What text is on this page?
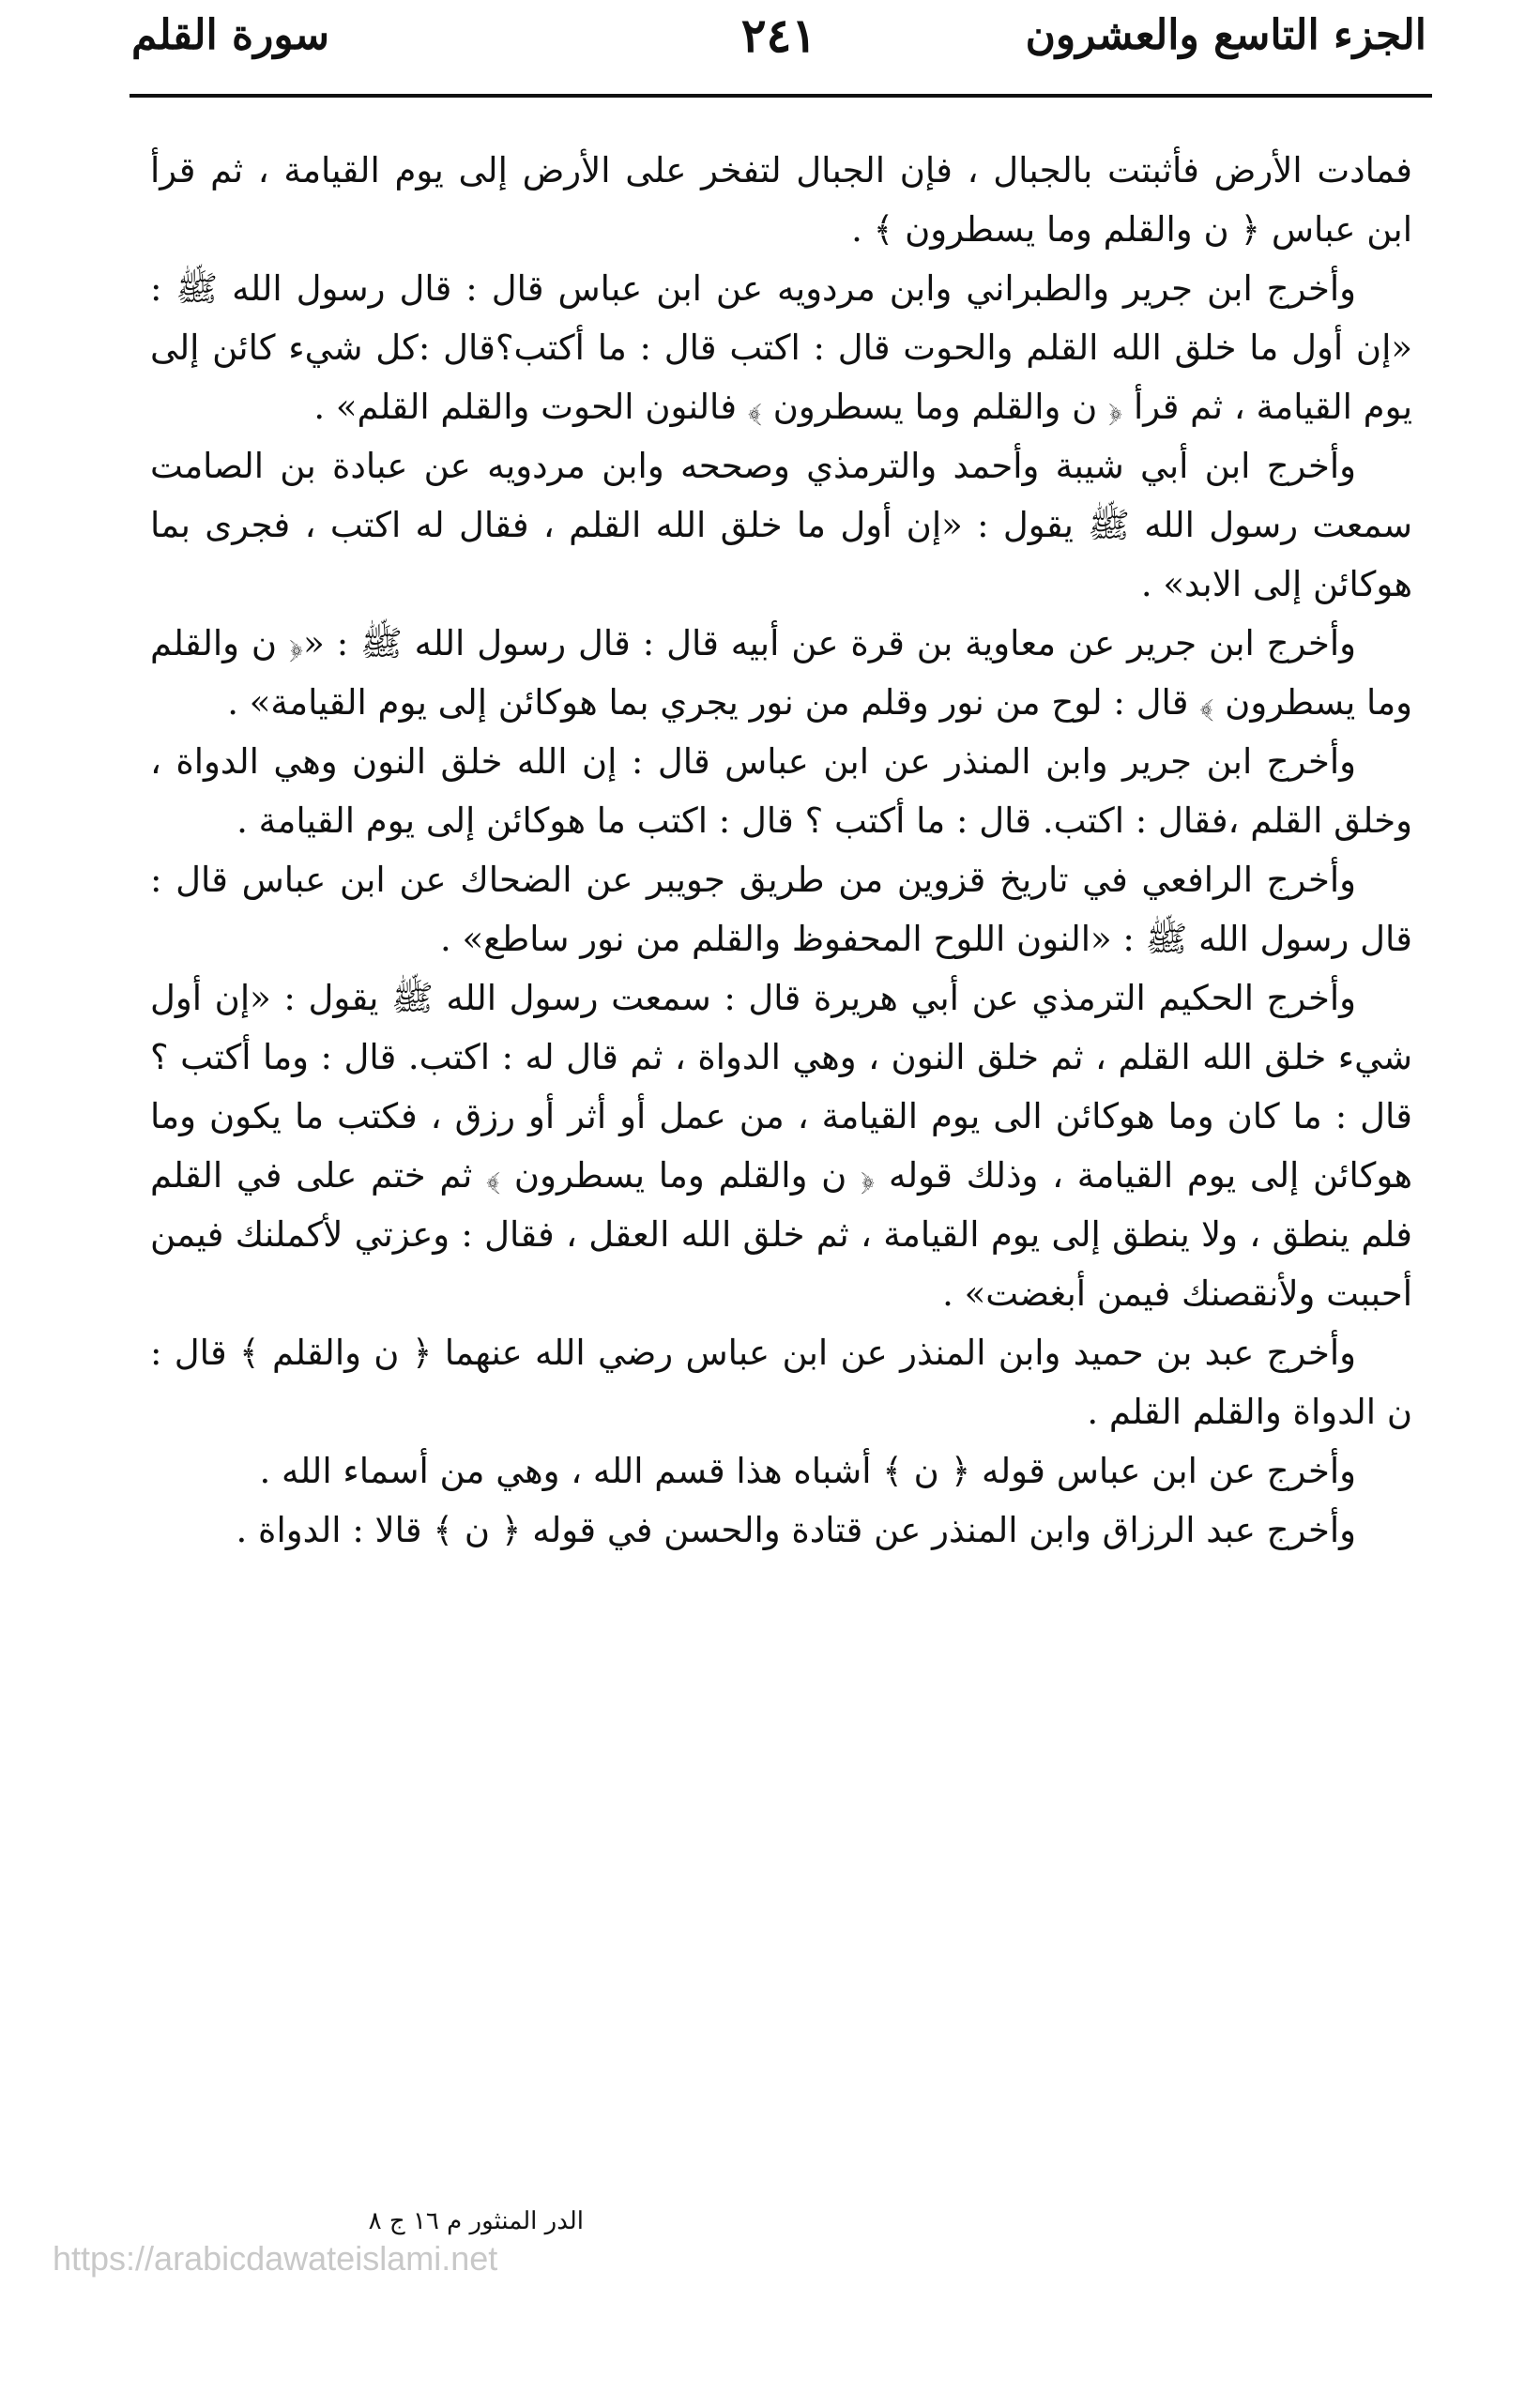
الجزء التاسع والعشرون
٢٤١
سورة القلم

فمادت الأرض فأثبتت بالجبال ، فإن الجبال لتفخر على الأرض إلى يوم القيامة ، ثم قرأ ابن عباس ﴿ ن والقلم وما يسطرون ﴾ .

وأخرج ابن جرير والطبراني وابن مردويه عن ابن عباس قال : قال رسول الله ﷺ : «إن أول ما خلق الله القلم والحوت قال : اكتب قال : ما أكتب؟قال :كل شيء كائن إلى يوم القيامة ، ثم قرأ ﴿ ن والقلم وما يسطرون ﴾ فالنون الحوت والقلم القلم» .

وأخرج ابن أبي شيبة وأحمد والترمذي وصححه وابن مردويه عن عبادة بن الصامت سمعت رسول الله ﷺ يقول : «إن أول ما خلق الله القلم ، فقال له اكتب ، فجرى بما هوكائن إلى الابد» .

وأخرج ابن جرير عن معاوية بن قرة عن أبيه قال : قال رسول الله ﷺ : «﴿ ن والقلم وما يسطرون ﴾ قال : لوح من نور وقلم من نور يجري بما هوكائن إلى يوم القيامة» .

وأخرج ابن جرير وابن المنذر عن ابن عباس قال : إن الله خلق النون وهي الدواة ، وخلق القلم ،فقال : اكتب. قال : ما أكتب ؟ قال : اكتب ما هوكائن إلى يوم القيامة .

وأخرج الرافعي في تاريخ قزوين من طريق جويبر عن الضحاك عن ابن عباس قال : قال رسول الله ﷺ : «النون اللوح المحفوظ والقلم من نور ساطع» .

وأخرج الحكيم الترمذي عن أبي هريرة قال : سمعت رسول الله ﷺ يقول : «إن أول شيء خلق الله القلم ، ثم خلق النون ، وهي الدواة ، ثم قال له : اكتب. قال : وما أكتب ؟ قال : ما كان وما هوكائن الى يوم القيامة ، من عمل أو أثر أو رزق ، فكتب ما يكون وما هوكائن إلى يوم القيامة ، وذلك قوله ﴿ ن والقلم وما يسطرون ﴾ ثم ختم على في القلم فلم ينطق ، ولا ينطق إلى يوم القيامة ، ثم خلق الله العقل ، فقال : وعزتي لأكملنك فيمن أحببت ولأنقصنك فيمن أبغضت» .

وأخرج عبد بن حميد وابن المنذر عن ابن عباس رضي الله عنهما ﴿ ن والقلم ﴾ قال : ن الدواة والقلم القلم .

وأخرج عن ابن عباس قوله ﴿ ن ﴾ أشباه هذا قسم الله ، وهي من أسماء الله .

وأخرج عبد الرزاق وابن المنذر عن قتادة والحسن في قوله ﴿ ن ﴾ قالا : الدواة .

الدر المنثور م ١٦ ج ٨
https://arabicdawateislami.net
